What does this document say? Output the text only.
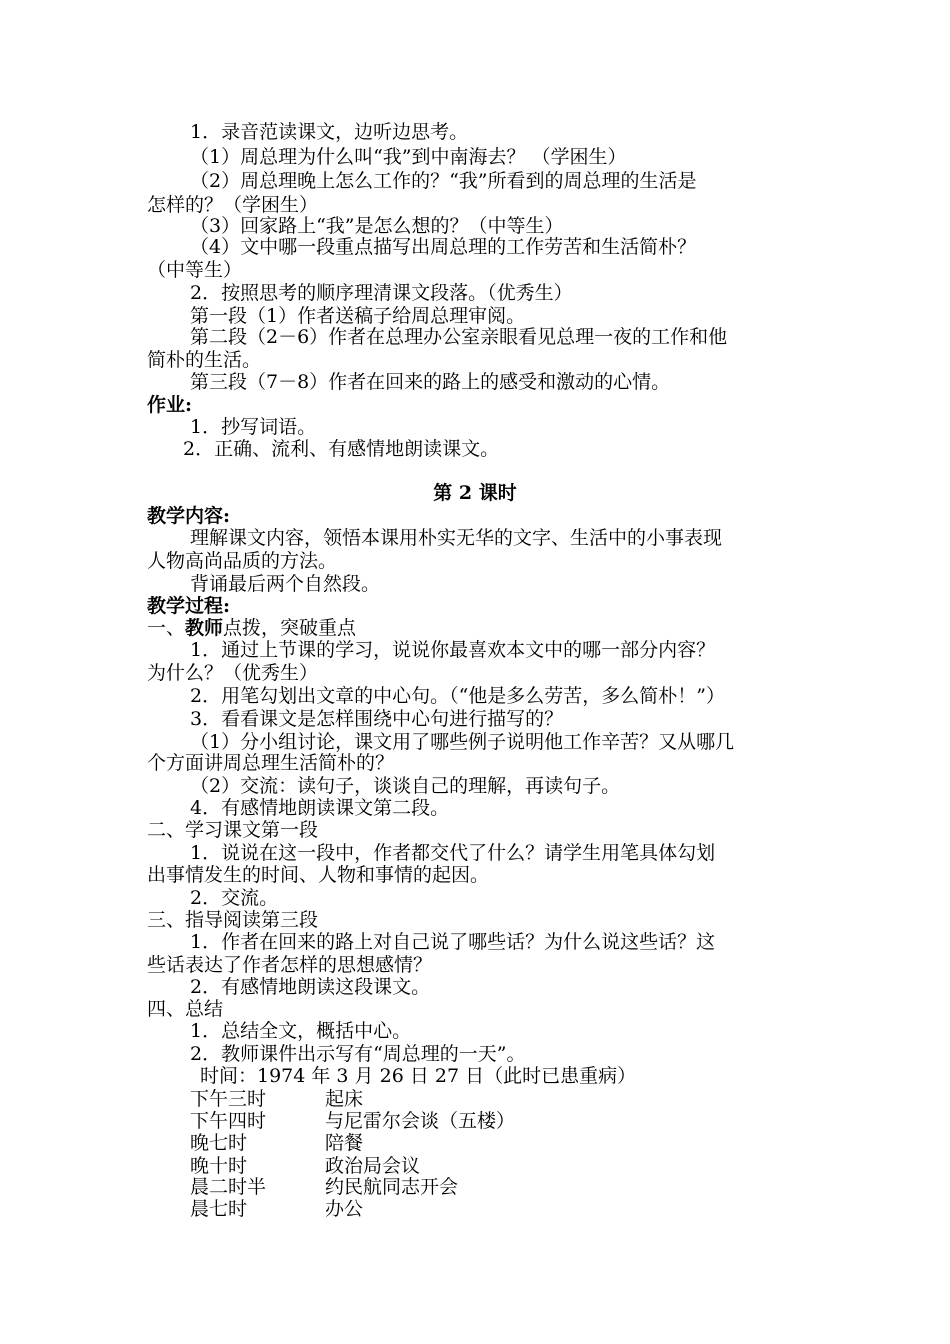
1．录音范读课文，边听边思考。
（1）周总理为什么叫“我”到中南海去？ （学困生）
（2）周总理晚上怎么工作的？“我”所看到的周总理的生活是
怎样的？（学困生）
（3）回家路上“我”是怎么想的？（中等生）
（4）文中哪一段重点描写出周总理的工作劳苦和生活简朴？
（中等生）
2．按照思考的顺序理清课文段落。（优秀生）
第一段（1）作者送稿子给周总理审阅。
第二段（2－6）作者在总理办公室亲眼看见总理一夜的工作和他
简朴的生活。
第三段（7－8）作者在回来的路上的感受和激动的心情。
作业:
1．抄写词语。
2．正确、流利、有感情地朗读课文。
第 2 课时
教学内容:
理解课文内容，领悟本课用朴实无华的文字、生活中的小事表现
人物高尚品质的方法。
背诵最后两个自然段。
教学过程:
一、教师点拨，突破重点
1．通过上节课的学习，说说你最喜欢本文中的哪一部分内容？
为什么？（优秀生）
2．用笔勾划出文章的中心句。（“他是多么劳苦，多么简朴！”）
3．看看课文是怎样围绕中心句进行描写的？
（1）分小组讨论，课文用了哪些例子说明他工作辛苦？又从哪几
个方面讲周总理生活简朴的？
（2）交流：读句子，谈谈自己的理解，再读句子。
4．有感情地朗读课文第二段。
二、学习课文第一段
1．说说在这一段中，作者都交代了什么？请学生用笔具体勾划
出事情发生的时间、人物和事情的起因。
2．交流。
三、指导阅读第三段
1．作者在回来的路上对自己说了哪些话？为什么说这些话？这
些话表达了作者怎样的思想感情？
2．有感情地朗读这段课文。
四、总结
1．总结全文，概括中心。
2．教师课件出示写有“周总理的一天”。
时间：1974 年 3 月 26 日 27 日（此时已患重病）
下午三时	起床
下午四时	与尼雷尔会谈（五楼）
晚七时	陪餐
晚十时	政治局会议
晨二时半	约民航同志开会
晨七时	办公
